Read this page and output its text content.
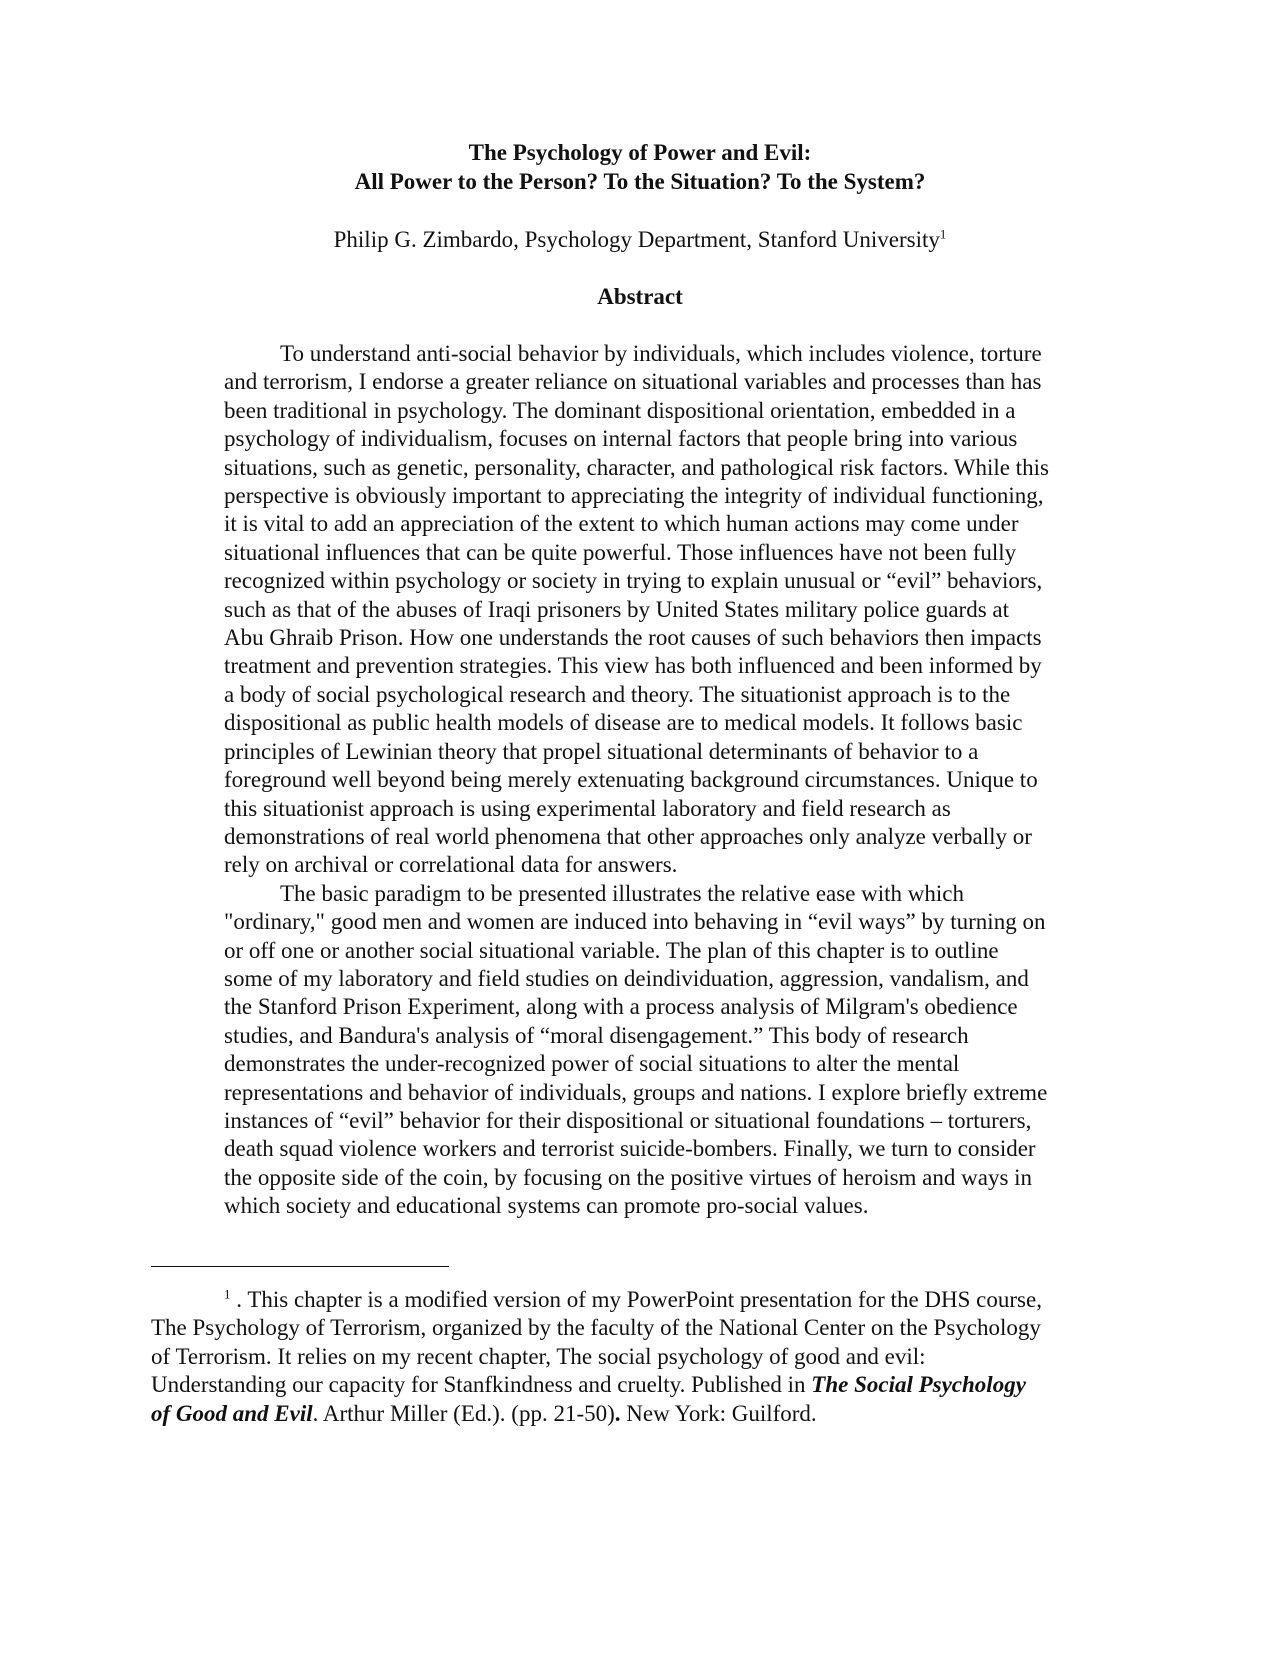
The Psychology of Power and Evil:
All Power to the Person? To the Situation? To the System?
Philip G. Zimbardo, Psychology Department, Stanford University$^1$
Abstract

To understand anti-social behavior by individuals, which includes violence, torture
and terrorism, I endorse a greater reliance on situational variables and processes than has
been traditional in psychology. The dominant dispositional orientation, embedded in a
psychology of individualism, focuses on internal factors that people bring into various
situations, such as genetic, personality, character, and pathological risk factors. While this
perspective is obviously important to appreciating the integrity of individual functioning,
it is vital to add an appreciation of the extent to which human actions may come under
situational influences that can be quite powerful. Those influences have not been fully
recognized within psychology or society in trying to explain unusual or “evil” behaviors,
such as that of the abuses of Iraqi prisoners by United States military police guards at
Abu Ghraib Prison. How one understands the root causes of such behaviors then impacts
treatment and prevention strategies. This view has both influenced and been informed by
a body of social psychological research and theory. The situationist approach is to the
dispositional as public health models of disease are to medical models. It follows basic
principles of Lewinian theory that propel situational determinants of behavior to a
foreground well beyond being merely extenuating background circumstances. Unique to
this situationist approach is using experimental laboratory and field research as
demonstrations of real world phenomena that other approaches only analyze verbally or
rely on archival or correlational data for answers.

The basic paradigm to be presented illustrates the relative ease with which
"ordinary," good men and women are induced into behaving in “evil ways” by turning on
or off one or another social situational variable. The plan of this chapter is to outline
some of my laboratory and field studies on deindividuation, aggression, vandalism, and
the Stanford Prison Experiment, along with a process analysis of Milgram's obedience
studies, and Bandura's analysis of “moral disengagement.” This body of research
demonstrates the under-recognized power of social situations to alter the mental
representations and behavior of individuals, groups and nations. I explore briefly extreme
instances of “evil” behavior for their dispositional or situational foundations – torturers,
death squad violence workers and terrorist suicide-bombers. Finally, we turn to consider
the opposite side of the coin, by focusing on the positive virtues of heroism and ways in
which society and educational systems can promote pro-social values.

$^1$ . This chapter is a modified version of my PowerPoint presentation for the DHS course,
The Psychology of Terrorism, organized by the faculty of the National Center on the Psychology
of Terrorism. It relies on my recent chapter, The social psychology of good and evil:
Understanding our capacity for Stanfkindness and cruelty. Published in The Social Psychology
of Good and Evil. Arthur Miller (Ed.). (pp. 21-50). New York: Guilford.
